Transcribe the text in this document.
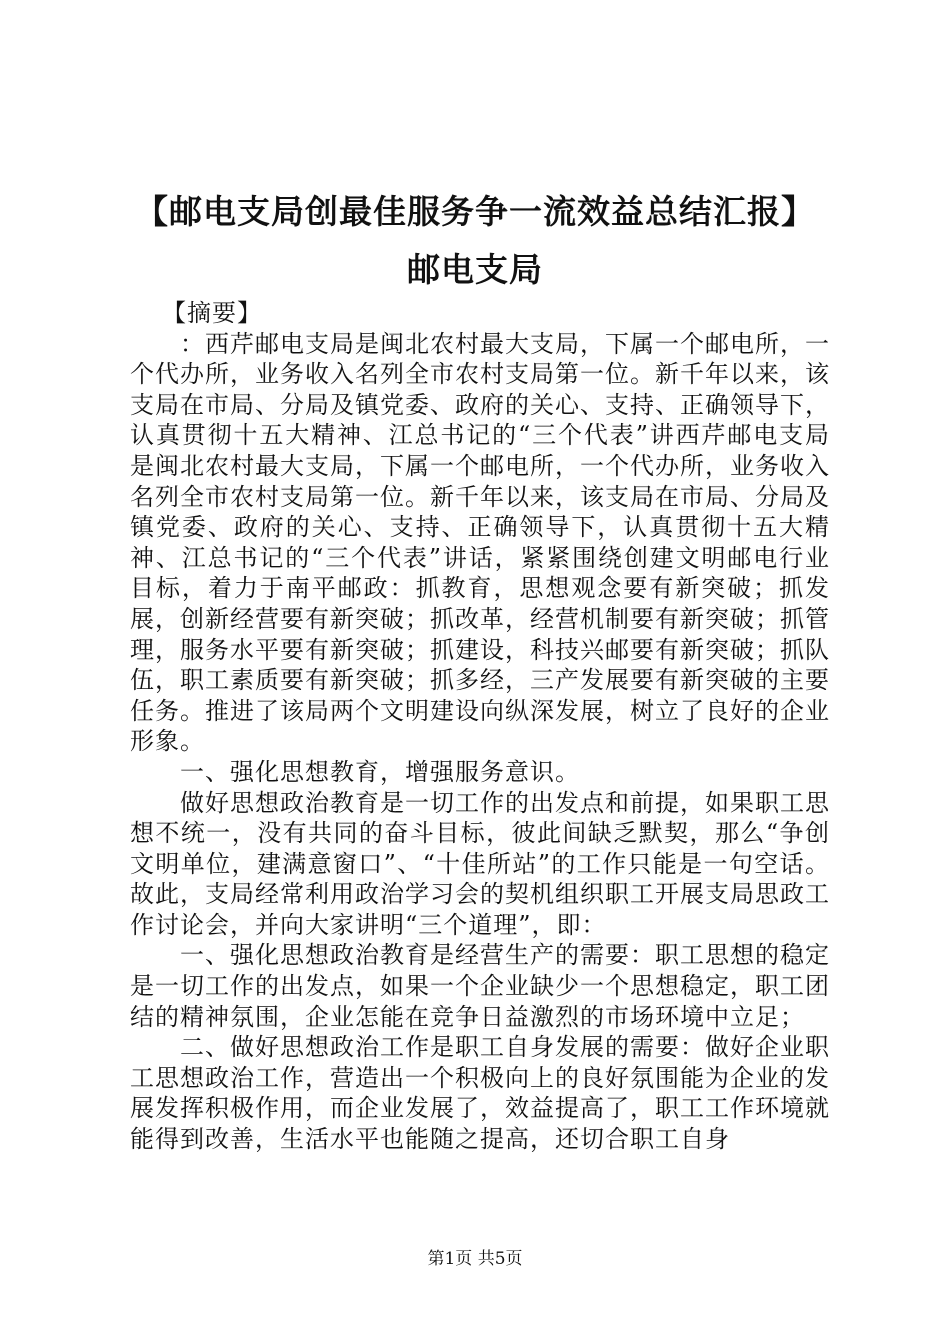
【邮电支局创最佳服务争一流效益总结汇报】
邮电支局

【摘要】

：西芹邮电支局是闽北农村最大支局，下属一个邮电所，一个代办所，业务收入名列全市农村支局第一位。新千年以来，该支局在市局、分局及镇党委、政府的关心、支持、正确领导下，认真贯彻十五大精神、江总书记的“三个代表”讲西芹邮电支局是闽北农村最大支局，下属一个邮电所，一个代办所，业务收入名列全市农村支局第一位。新千年以来，该支局在市局、分局及镇党委、政府的关心、支持、正确领导下，认真贯彻十五大精神、江总书记的“三个代表”讲话，紧紧围绕创建文明邮电行业目标，着力于南平邮政：抓教育，思想观念要有新突破；抓发展，创新经营要有新突破；抓改革，经营机制要有新突破；抓管理，服务水平要有新突破；抓建设，科技兴邮要有新突破；抓队伍，职工素质要有新突破；抓多经，三产发展要有新突破的主要任务。推进了该局两个文明建设向纵深发展，树立了良好的企业形象。

一、强化思想教育，增强服务意识。

做好思想政治教育是一切工作的出发点和前提，如果职工思想不统一，没有共同的奋斗目标，彼此间缺乏默契，那么“争创文明单位，建满意窗口”、“十佳所站”的工作只能是一句空话。故此，支局经常利用政治学习会的契机组织职工开展支局思政工作讨论会，并向大家讲明“三个道理”，即：

一、强化思想政治教育是经营生产的需要：职工思想的稳定是一切工作的出发点，如果一个企业缺少一个思想稳定，职工团结的精神氛围，企业怎能在竞争日益激烈的市场环境中立足；

二、做好思想政治工作是职工自身发展的需要：做好企业职工思想政治工作，营造出一个积极向上的良好氛围能为企业的发展发挥积极作用，而企业发展了，效益提高了，职工工作环境就能得到改善，生活水平也能随之提高，还切合职工自身

第1页 共5页
